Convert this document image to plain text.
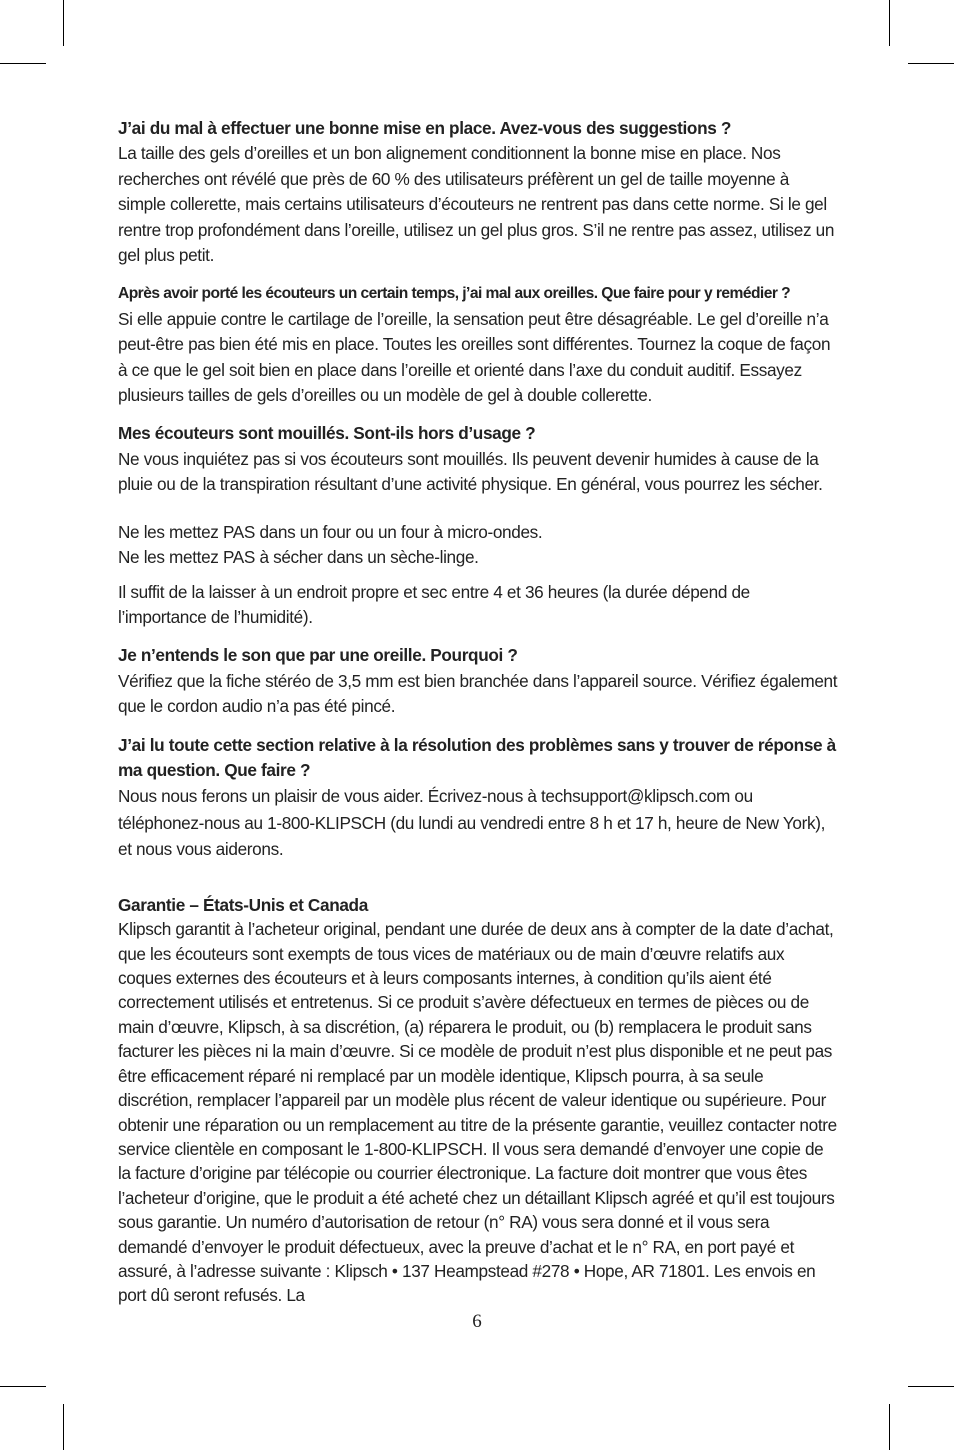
J’ai du mal à effectuer une bonne mise en place. Avez-vous des suggestions ?

La taille des gels d’oreilles et un bon alignement conditionnent la bonne mise en place. Nos recherches ont révélé que près de 60 % des utilisateurs préfèrent un gel de taille moyenne à simple collerette, mais certains utilisateurs d’écouteurs ne rentrent pas dans cette norme. Si le gel rentre trop profondément dans l’oreille, utilisez un gel plus gros. S’il ne rentre pas assez, utilisez un gel plus petit.

Après avoir porté les écouteurs un certain temps, j’ai mal aux oreilles. Que faire pour y remédier ?

Si elle appuie contre le cartilage de l’oreille, la sensation peut être désagréable. Le gel d’oreille n’a peut-être pas bien été mis en place. Toutes les oreilles sont différentes. Tournez la coque de façon à ce que le gel soit bien en place dans l’oreille et orienté dans l’axe du conduit auditif. Essayez plusieurs tailles de gels d’oreilles ou un modèle de gel à double collerette.

Mes écouteurs sont mouillés. Sont-ils hors d’usage ?

Ne vous inquiétez pas si vos écouteurs sont mouillés. Ils peuvent devenir humides à cause de la pluie ou de la transpiration résultant d’une activité physique. En général, vous pourrez les sécher.

Ne les mettez PAS dans un four ou un four à micro-ondes.

Ne les mettez PAS à sécher dans un sèche-linge.

Il suffit de la laisser à un endroit propre et sec entre 4 et 36 heures (la durée dépend de l’importance de l’humidité).

Je n’entends le son que par une oreille. Pourquoi ?

Vérifiez que la fiche stéréo de 3,5 mm est bien branchée dans l’appareil source. Vérifiez également que le cordon audio n’a pas été pincé.

J’ai lu toute cette section relative à la résolution des problèmes sans y trouver de réponse à ma question. Que faire ?

Nous nous ferons un plaisir de vous aider. Écrivez-nous à techsupport@klipsch.com ou téléphonez-nous au 1-800-KLIPSCH (du lundi au vendredi entre 8 h et 17 h, heure de New York), et nous vous aiderons.

Garantie – États-Unis et Canada

Klipsch garantit à l’acheteur original, pendant une durée de deux ans à compter de la date d’achat, que les écouteurs sont exempts de tous vices de matériaux ou de main d’œuvre relatifs aux coques externes des écouteurs et à leurs composants internes, à condition qu’ils aient été correctement utilisés et entretenus. Si ce produit s’avère défectueux en termes de pièces ou de main d’œuvre, Klipsch, à sa discrétion, (a) réparera le produit, ou (b) remplacera le produit sans facturer les pièces ni la main d’œuvre. Si ce modèle de produit n’est plus disponible et ne peut pas être efficacement réparé ni remplacé par un modèle identique, Klipsch pourra, à sa seule discrétion, remplacer l’appareil par un modèle plus récent de valeur identique ou supérieure. Pour obtenir une réparation ou un remplacement au titre de la présente garantie, veuillez contacter notre service clientèle en composant le 1-800-KLIPSCH. Il vous sera demandé d’envoyer une copie de la facture d’origine par télécopie ou courrier électronique. La facture doit montrer que vous êtes l’acheteur d’origine, que le produit a été acheté chez un détaillant Klipsch agréé et qu’il est toujours sous garantie. Un numéro d’autorisation de retour (n° RA) vous sera donné et il vous sera demandé d’envoyer le produit défectueux, avec la preuve d’achat et le n° RA, en port payé et assuré, à l’adresse suivante : Klipsch • 137 Heampstead #278 • Hope, AR 71801. Les envois en port dû seront refusés. La

6
